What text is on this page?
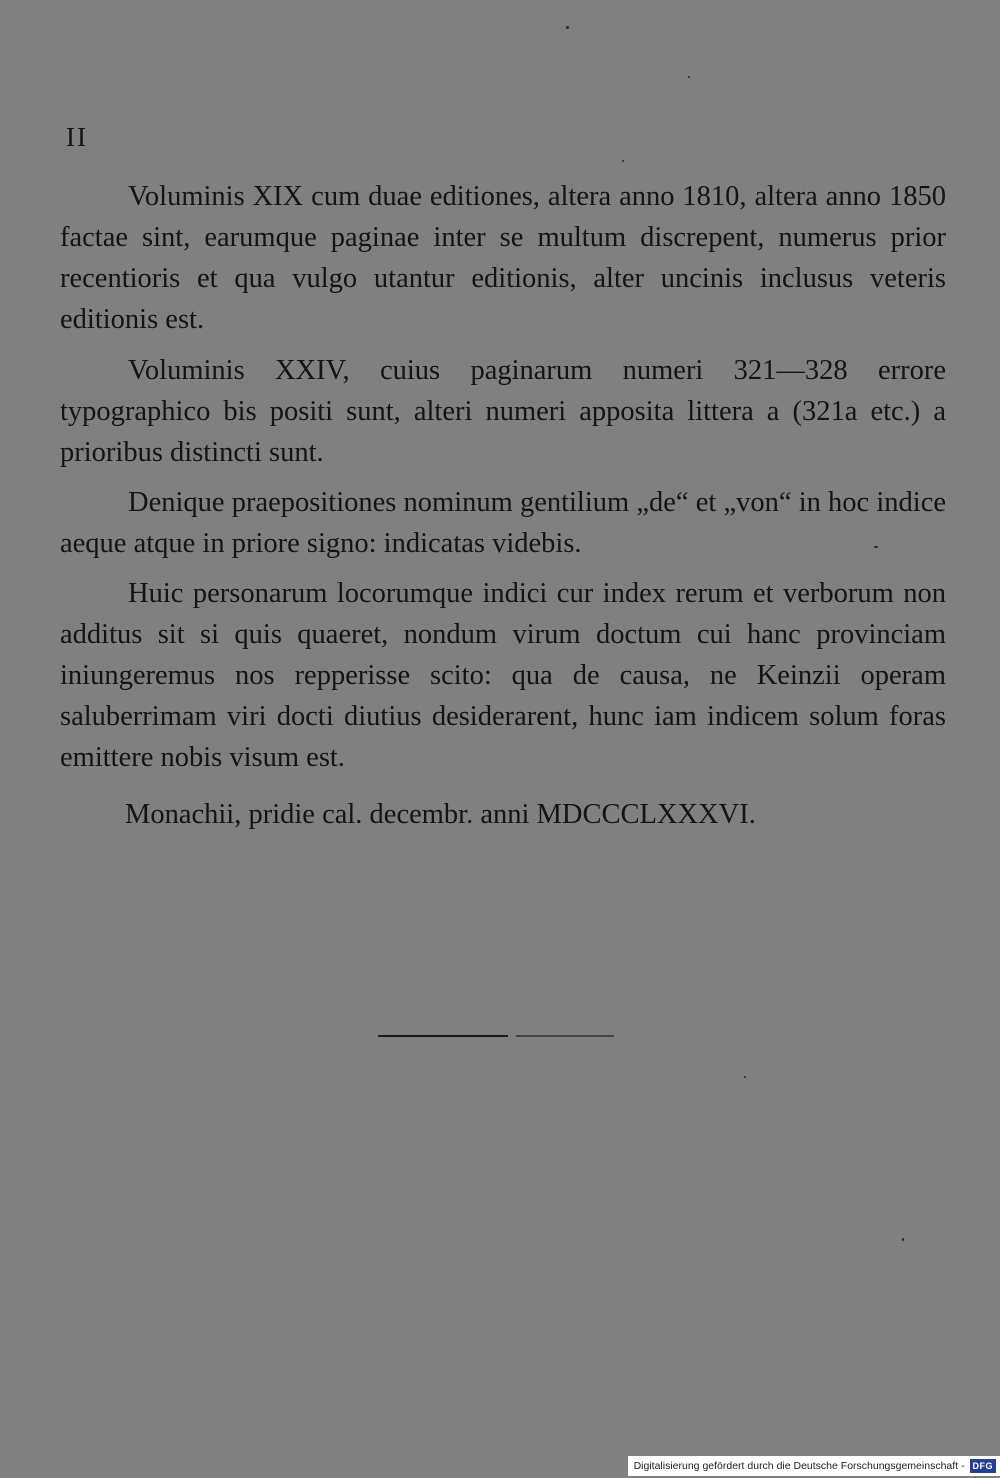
II

Voluminis XIX cum duae editiones, altera anno 1810, altera anno 1850 factae sint, earumque paginae inter se multum discrepent, numerus prior recentioris et qua vulgo utantur editionis, alter uncinis inclusus veteris editionis est.

Voluminis XXIV, cuius paginarum numeri 321—328 errore typographico bis positi sunt, alteri numeri apposita littera a (321a etc.) a prioribus distincti sunt.

Denique praepositiones nominum gentilium „de“ et „von“ in hoc indice aeque atque in priore signo: indicatas videbis.

Huic personarum locorumque indici cur index rerum et verborum non additus sit si quis quaeret, nondum virum doctum cui hanc provinciam iniungeremus nos repperisse scito: qua de causa, ne Keinzii operam saluberrimam viri docti diutius desiderarent, hunc iam indicem solum foras emittere nobis visum est.

Monachii, pridie cal. decembr. anni MDCCCLXXXVI.

Digitalisierung gefördert durch die Deutsche Forschungsgemeinschaft - DFG
